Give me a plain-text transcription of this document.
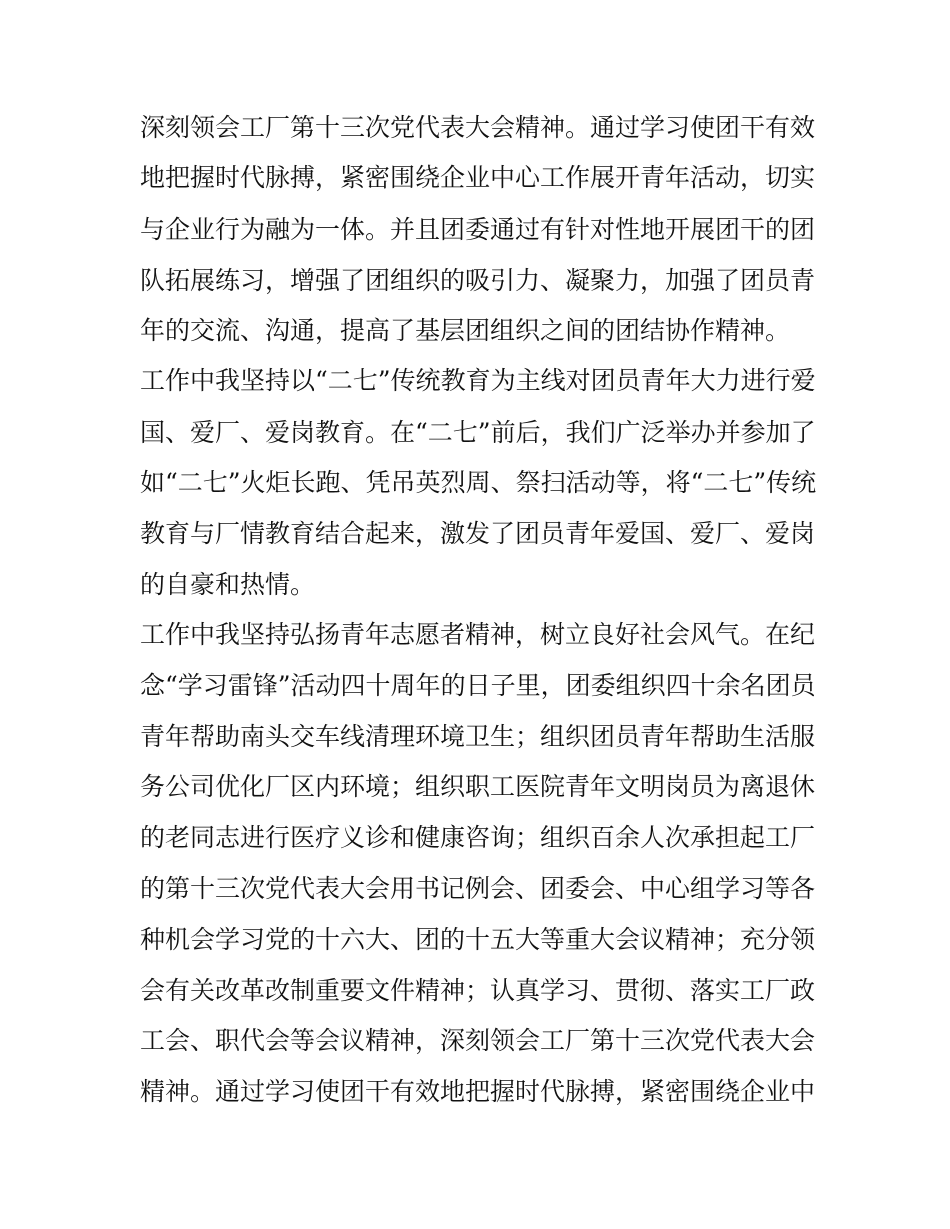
深刻领会工厂第十三次党代表大会精神。通过学习使团干有效
地把握时代脉搏，紧密围绕企业中心工作展开青年活动，切实
与企业行为融为一体。并且团委通过有针对性地开展团干的团
队拓展练习，增强了团组织的吸引力、凝聚力，加强了团员青
年的交流、沟通，提高了基层团组织之间的团结协作精神。
工作中我坚持以“二七”传统教育为主线对团员青年大力进行爱
国、爱厂、爱岗教育。在“二七”前后，我们广泛举办并参加了
如“二七”火炬长跑、凭吊英烈周、祭扫活动等，将“二七”传统
教育与厂情教育结合起来，激发了团员青年爱国、爱厂、爱岗
的自豪和热情。
工作中我坚持弘扬青年志愿者精神，树立良好社会风气。在纪
念“学习雷锋”活动四十周年的日子里，团委组织四十余名团员
青年帮助南头交车线清理环境卫生；组织团员青年帮助生活服
务公司优化厂区内环境；组织职工医院青年文明岗员为离退休
的老同志进行医疗义诊和健康咨询；组织百余人次承担起工厂
的第十三次党代表大会用书记例会、团委会、中心组学习等各
种机会学习党的十六大、团的十五大等重大会议精神；充分领
会有关改革改制重要文件精神；认真学习、贯彻、落实工厂政
工会、职代会等会议精神，深刻领会工厂第十三次党代表大会
精神。通过学习使团干有效地把握时代脉搏，紧密围绕企业中
